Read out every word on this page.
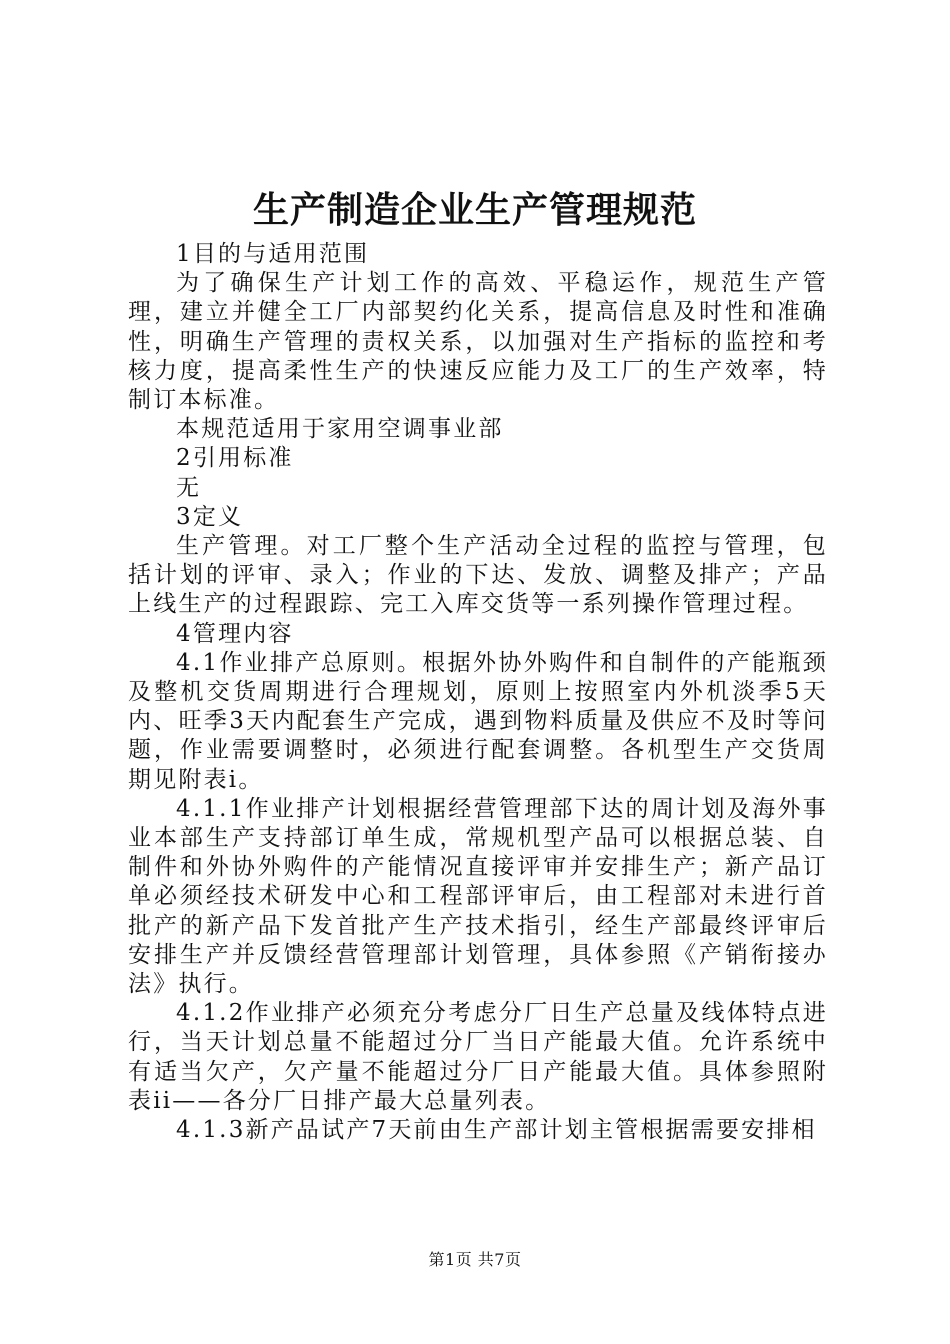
生产制造企业生产管理规范

1目的与适用范围

为了确保生产计划工作的高效、平稳运作，规范生产管理，建立并健全工厂内部契约化关系，提高信息及时性和准确性，明确生产管理的责权关系，以加强对生产指标的监控和考核力度，提高柔性生产的快速反应能力及工厂的生产效率，特制订本标准。

本规范适用于家用空调事业部

2引用标准

无

3定义

生产管理。对工厂整个生产活动全过程的监控与管理，包括计划的评审、录入；作业的下达、发放、调整及排产；产品上线生产的过程跟踪、完工入库交货等一系列操作管理过程。

4管理内容

4.1作业排产总原则。根据外协外购件和自制件的产能瓶颈及整机交货周期进行合理规划，原则上按照室内外机淡季5天内、旺季3天内配套生产完成，遇到物料质量及供应不及时等问题，作业需要调整时，必须进行配套调整。各机型生产交货周期见附表i。

4.1.1作业排产计划根据经营管理部下达的周计划及海外事业本部生产支持部订单生成，常规机型产品可以根据总装、自制件和外协外购件的产能情况直接评审并安排生产；新产品订单必须经技术研发中心和工程部评审后，由工程部对未进行首批产的新产品下发首批产生产技术指引，经生产部最终评审后安排生产并反馈经营管理部计划管理，具体参照《产销衔接办法》执行。

4.1.2作业排产必须充分考虑分厂日生产总量及线体特点进行，当天计划总量不能超过分厂当日产能最大值。允许系统中有适当欠产，欠产量不能超过分厂日产能最大值。具体参照附表ii——各分厂日排产最大总量列表。

4.1.3新产品试产7天前由生产部计划主管根据需要安排相

第1页 共7页
